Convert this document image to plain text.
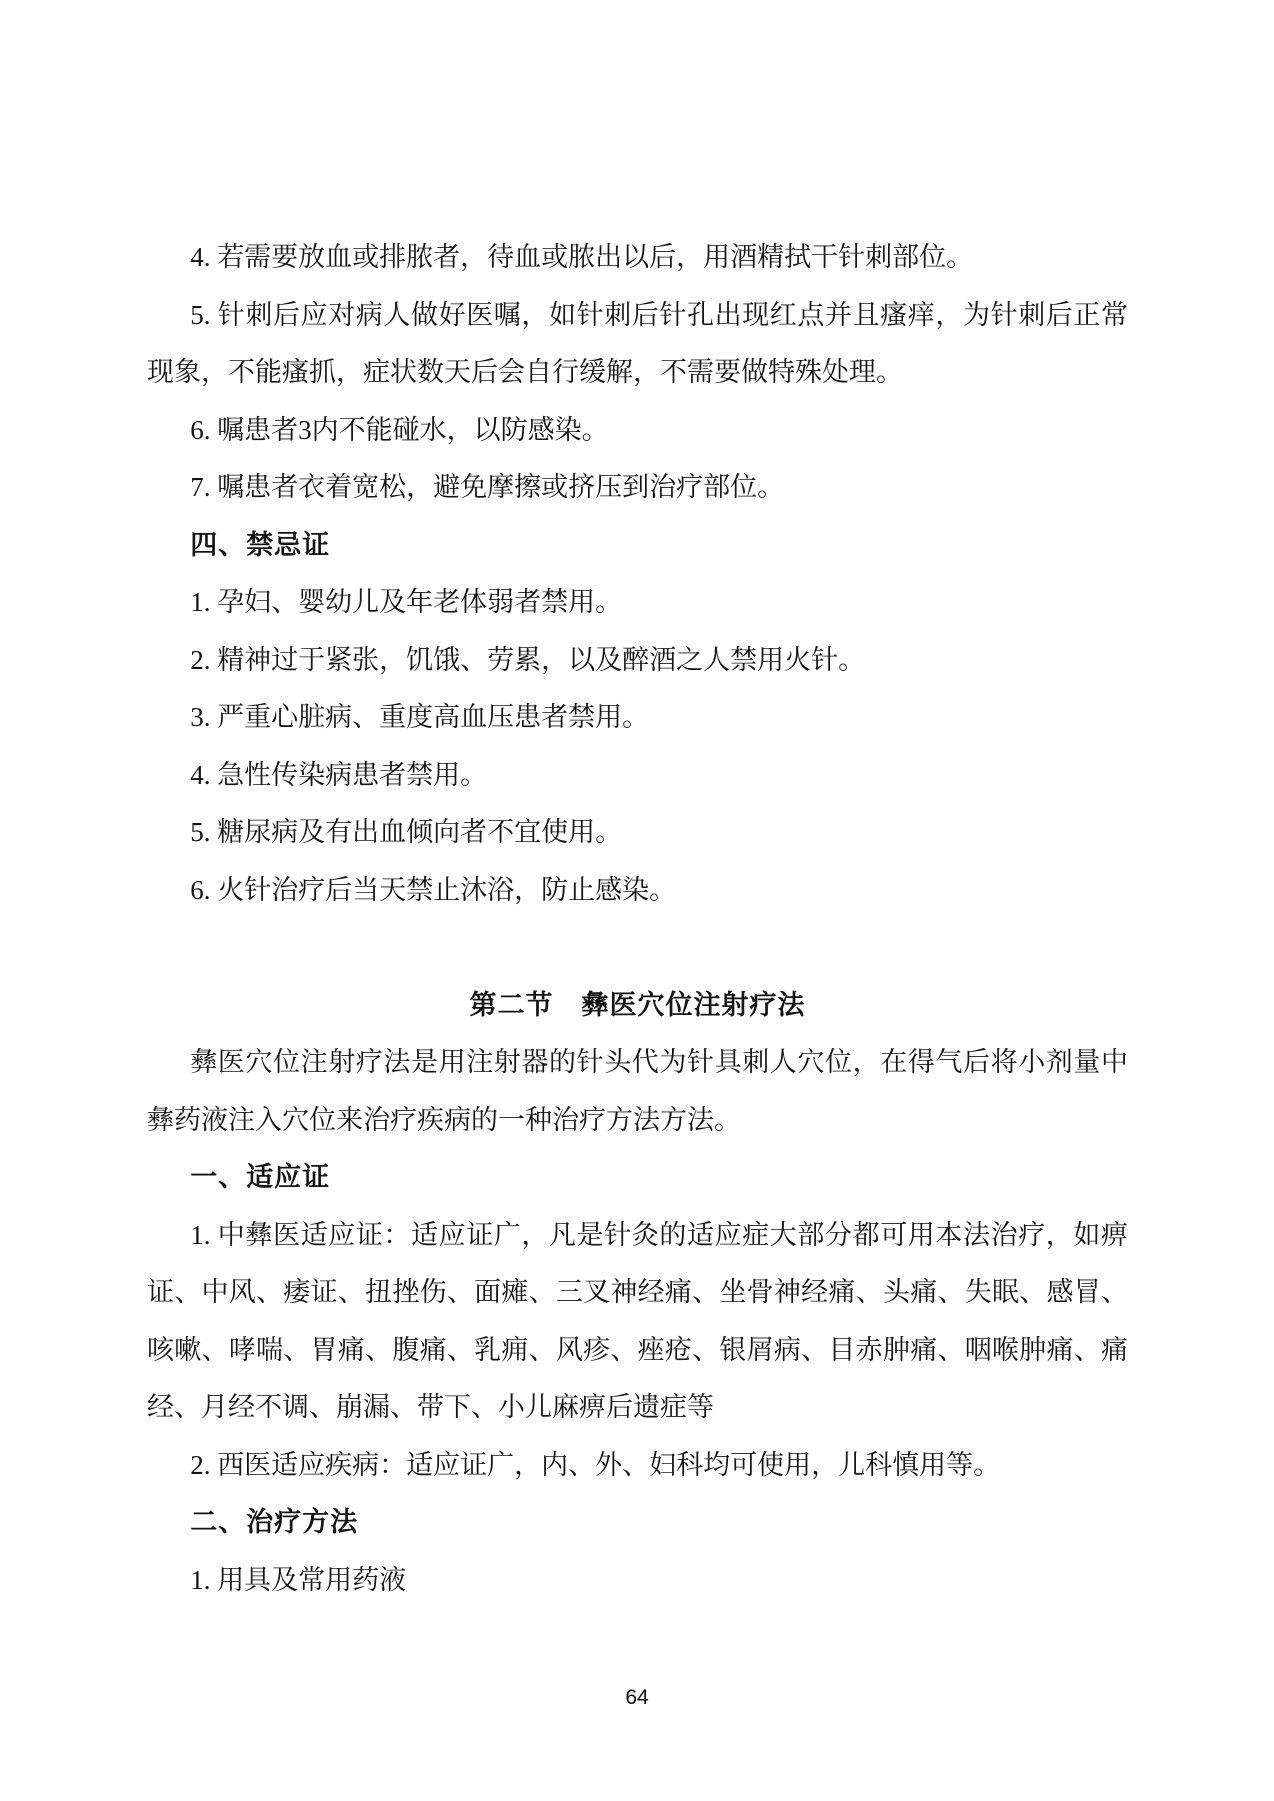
4. 若需要放血或排脓者，待血或脓出以后，用酒精拭干针刺部位。
5. 针刺后应对病人做好医嘱，如针刺后针孔出现红点并且瘙痒，为针刺后正常
现象，不能瘙抓，症状数天后会自行缓解，不需要做特殊处理。
6. 嘱患者3内不能碰水，以防感染。
7. 嘱患者衣着宽松，避免摩擦或挤压到治疗部位。
四、禁忌证
1. 孕妇、婴幼儿及年老体弱者禁用。
2. 精神过于紧张，饥饿、劳累，以及醉酒之人禁用火针。
3. 严重心脏病、重度高血压患者禁用。
4. 急性传染病患者禁用。
5. 糖尿病及有出血倾向者不宜使用。
6. 火针治疗后当天禁止沐浴，防止感染。
第二节　彝医穴位注射疗法
彝医穴位注射疗法是用注射器的针头代为针具刺人穴位，在得气后将小剂量中
彝药液注入穴位来治疗疾病的一种治疗方法方法。
一、适应证
1. 中彝医适应证：适应证广，凡是针灸的适应症大部分都可用本法治疗，如痹
证、中风、痿证、扭挫伤、面瘫、三叉神经痛、坐骨神经痛、头痛、失眠、感冒、
咳嗽、哮喘、胃痛、腹痛、乳痈、风疹、痤疮、银屑病、目赤肿痛、咽喉肿痛、痛
经、月经不调、崩漏、带下、小儿麻痹后遗症等
2. 西医适应疾病：适应证广，内、外、妇科均可使用，儿科慎用等。
二、治疗方法
1. 用具及常用药液
64
